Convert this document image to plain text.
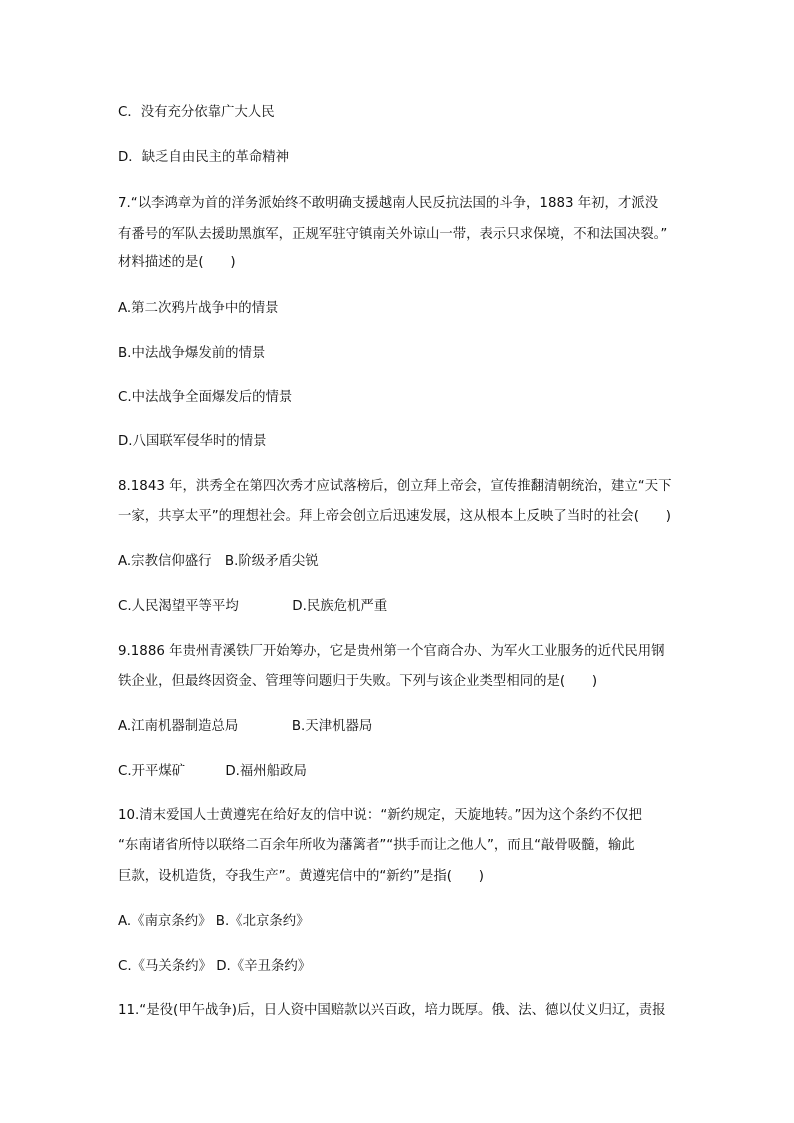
C．没有充分依靠广大人民
D．缺乏自由民主的革命精神
7.“以李鸿章为首的洋务派始终不敢明确支援越南人民反抗法国的斗争，1883 年初，才派没
有番号的军队去援助黑旗军，正规军驻守镇南关外谅山一带，表示只求保境，不和法国决裂。”
材料描述的是(　　)
A.第二次鸦片战争中的情景
B.中法战争爆发前的情景
C.中法战争全面爆发后的情景
D.八国联军侵华时的情景
8.1843 年，洪秀全在第四次秀才应试落榜后，创立拜上帝会，宣传推翻清朝统治，建立“天下
一家，共享太平”的理想社会。拜上帝会创立后迅速发展，这从根本上反映了当时的社会(　　)
A.宗教信仰盛行　B.阶级矛盾尖锐
C.人民渴望平等平均　　　　D.民族危机严重
9.1886 年贵州青溪铁厂开始筹办，它是贵州第一个官商合办、为军火工业服务的近代民用钢
铁企业，但最终因资金、管理等问题归于失败。下列与该企业类型相同的是(　　)
A.江南机器制造总局　　　　B.天津机器局
C.开平煤矿　　　D.福州船政局
10.清末爱国人士黄遵宪在给好友的信中说：“新约规定，天旋地转。”因为这个条约不仅把
“东南诸省所恃以联络二百余年所收为藩篱者”“拱手而让之他人”，而且“敲骨吸髓，输此
巨款，设机造货，夺我生产”。黄遵宪信中的“新约”是指(　　)
A.《南京条约》 B.《北京条约》
C.《马关条约》 D.《辛丑条约》
11.“是役(甲午战争)后，日人资中国赔款以兴百政，培力既厚。俄、法、德以仗义归辽，责报
